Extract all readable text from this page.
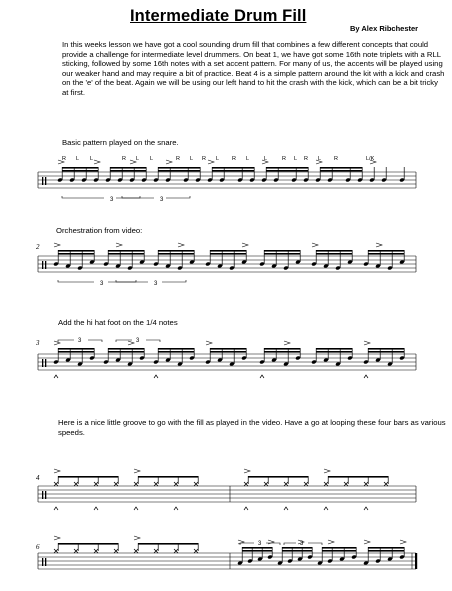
Intermediate Drum Fill
By Alex Ribchester
In this weeks lesson we have got a cool sounding drum fill that combines a few different concepts that could provide a challenge for intermediate level drummers. On beat 1, we have got some 16th note triplets with a RLL sticking, followed by some 16th notes with a set accent pattern. For many of us, the accents will be played using our weaker hand and may require a bit of practice. Beat 4 is a simple pattern around the kit with a kick and crash on the 'e' of the beat. Again we will be using our left hand to hit the crash with the kick, which can be a bit tricky at first.
Basic pattern played on the snare.
Orchestration from video:
Add the hi hat foot on the 1/4 notes
Here is a nice little groove to go with the fill as played in the video. Have a go at looping these four bars as various speeds.
2
3
4
6
R L L	R L L	R L R L R L	L	R L R L R	L/K
3	3
3	3
3	3
3	3
